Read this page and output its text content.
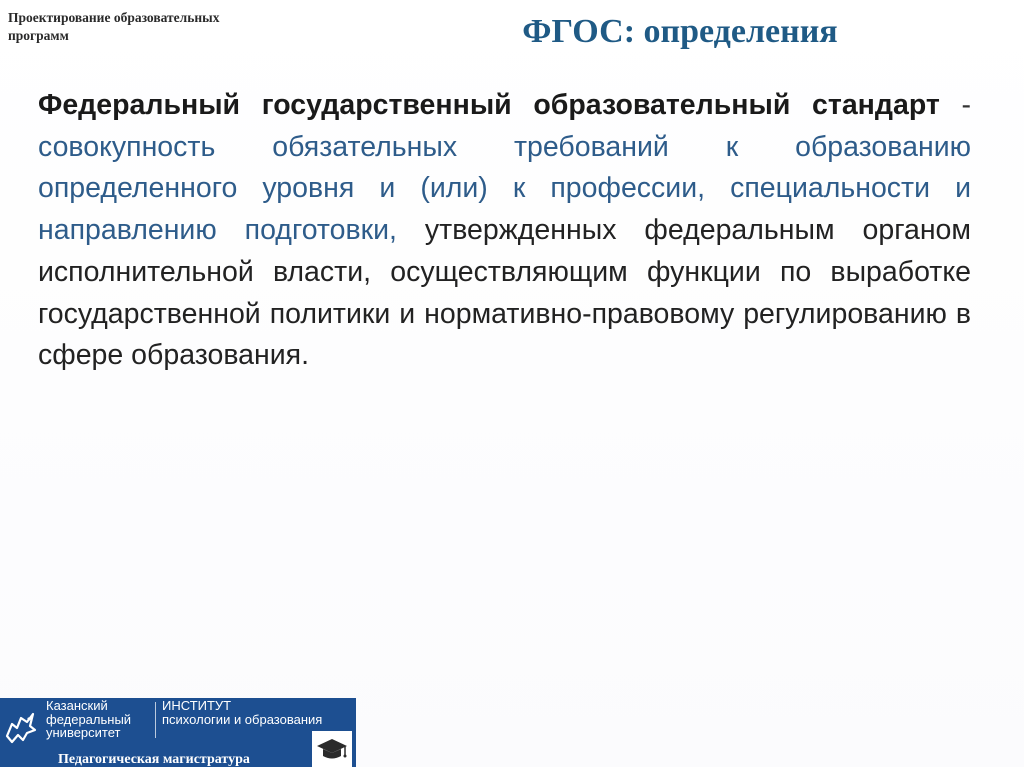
Проектирование образовательных
программ	ФГОС: определения
Федеральный государственный образовательный стандарт - совокупность обязательных требований к образованию определенного уровня и (или) к профессии, специальности и направлению подготовки, утвержденных федеральным органом исполнительной власти, осуществляющим функции по выработке государственной политики и нормативно-правовому регулированию в сфере образования.
Казанский
федеральный
университет
ИНСТИТУТ
психологии и образования
Педагогическая магистратура
